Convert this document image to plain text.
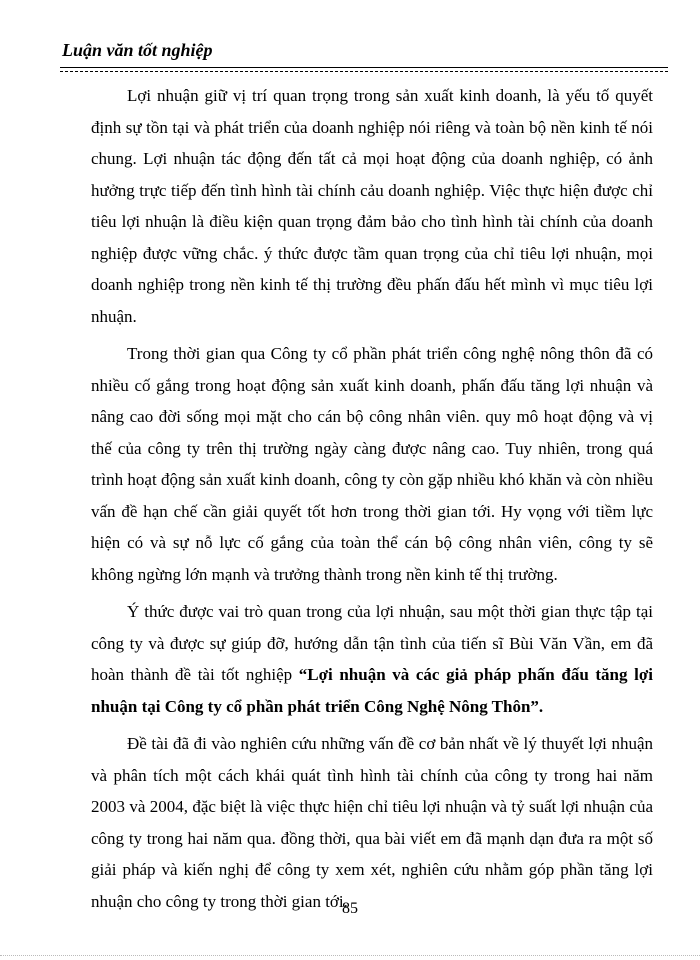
Luận văn tốt nghiệp

Lợi nhuận giữ vị trí quan trọng trong sản xuất kinh doanh, là yếu tố quyết định sự tồn tại và phát triển của doanh nghiệp nói riêng và toàn bộ nền kinh tế nói chung. Lợi nhuận tác động đến tất cả mọi hoạt động của doanh nghiệp, có ảnh hưởng trực tiếp đến tình hình tài chính cảu doanh nghiệp. Việc thực hiện được chỉ tiêu lợi nhuận là điều kiện quan trọng đảm bảo cho tình hình tài chính của doanh nghiệp được vững chắc. ý thức được tầm quan trọng của chỉ tiêu lợi nhuận, mọi doanh nghiệp trong nền kinh tế thị trường đều phấn đấu hết mình vì mục tiêu lợi nhuận.

Trong thời gian qua Công ty cổ phần phát triển công nghệ nông thôn đã có nhiều cố gắng trong hoạt động sản xuất kinh doanh, phấn đấu tăng lợi nhuận và nâng cao đời sống mọi mặt cho cán bộ công nhân viên. quy mô hoạt động và vị thế của công ty trên thị trường ngày càng được nâng cao. Tuy nhiên, trong quá trình hoạt động sản xuất kinh doanh, công ty còn gặp nhiều khó khăn và còn nhiều vấn đề hạn chế cần giải quyết tốt hơn trong thời gian tới. Hy vọng với tiềm lực hiện có và sự nỗ lực cố gắng của toàn thể cán bộ công nhân viên, công ty sẽ không ngừng lớn mạnh và trưởng thành trong nền kinh tế thị trường.

Ý thức được vai trò quan trong của lợi nhuận, sau một thời gian thực tập tại công ty và được sự giúp đỡ, hướng dẫn tận tình của tiến sĩ Bùi Văn Vần, em đã hoàn thành đề tài tốt nghiệp “Lợi nhuận và các giả pháp phấn đấu tăng lợi nhuận tại Công ty cổ phần phát triển Công Nghệ Nông Thôn”.

Đề tài đã đi vào nghiên cứu những vấn đề cơ bản nhất về lý thuyết lợi nhuận và phân tích một cách khái quát tình hình tài chính của công ty trong hai năm 2003 và 2004, đặc biệt là việc thực hiện chỉ tiêu lợi nhuận và tỷ suất lợi nhuận của công ty trong hai năm qua. đồng thời, qua bài viết em đã mạnh dạn đưa ra một số giải pháp và kiến nghị để công ty xem xét, nghiên cứu nhằm góp phần tăng lợi nhuận cho công ty trong thời gian tới.

85
